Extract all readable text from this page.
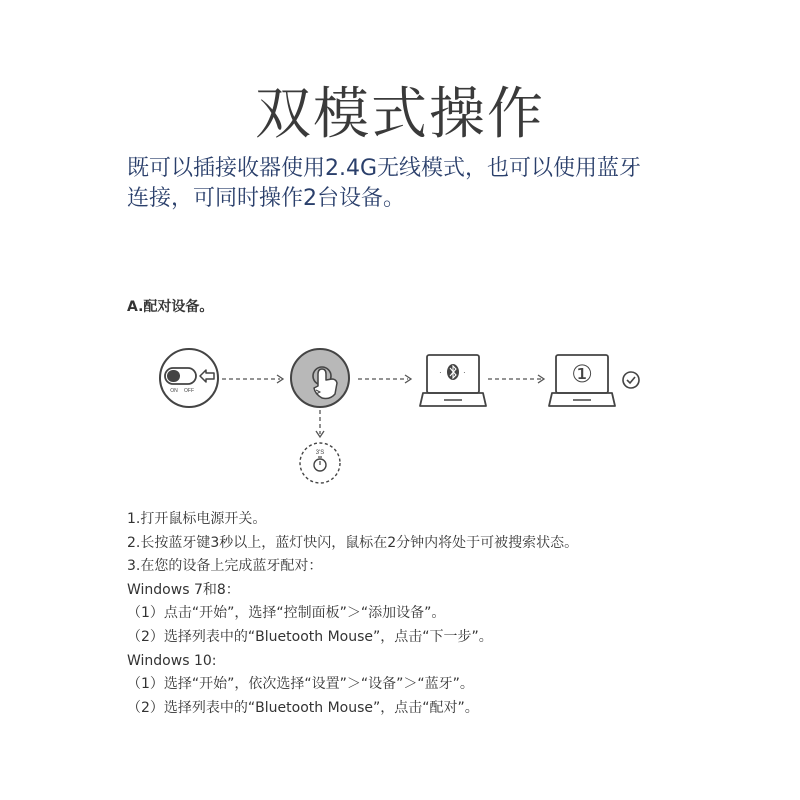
双模式操作

既可以插接收器使用2.4G无线模式，也可以使用蓝牙
连接，可同时操作2台设备。

A.配对设备。
ON OFF
·	·	①
3'S
1.打开鼠标电源开关。
2.长按蓝牙键3秒以上，蓝灯快闪，鼠标在2分钟内将处于可被搜索状态。
3.在您的设备上完成蓝牙配对：
Windows 7和8：
（1）点击“开始”，选择“控制面板”＞“添加设备”。
（2）选择列表中的“Bluetooth Mouse”，点击“下一步”。
Windows 10:
（1）选择“开始”，依次选择“设置”＞“设备”＞“蓝牙”。
（2）选择列表中的“Bluetooth Mouse”，点击“配对”。
